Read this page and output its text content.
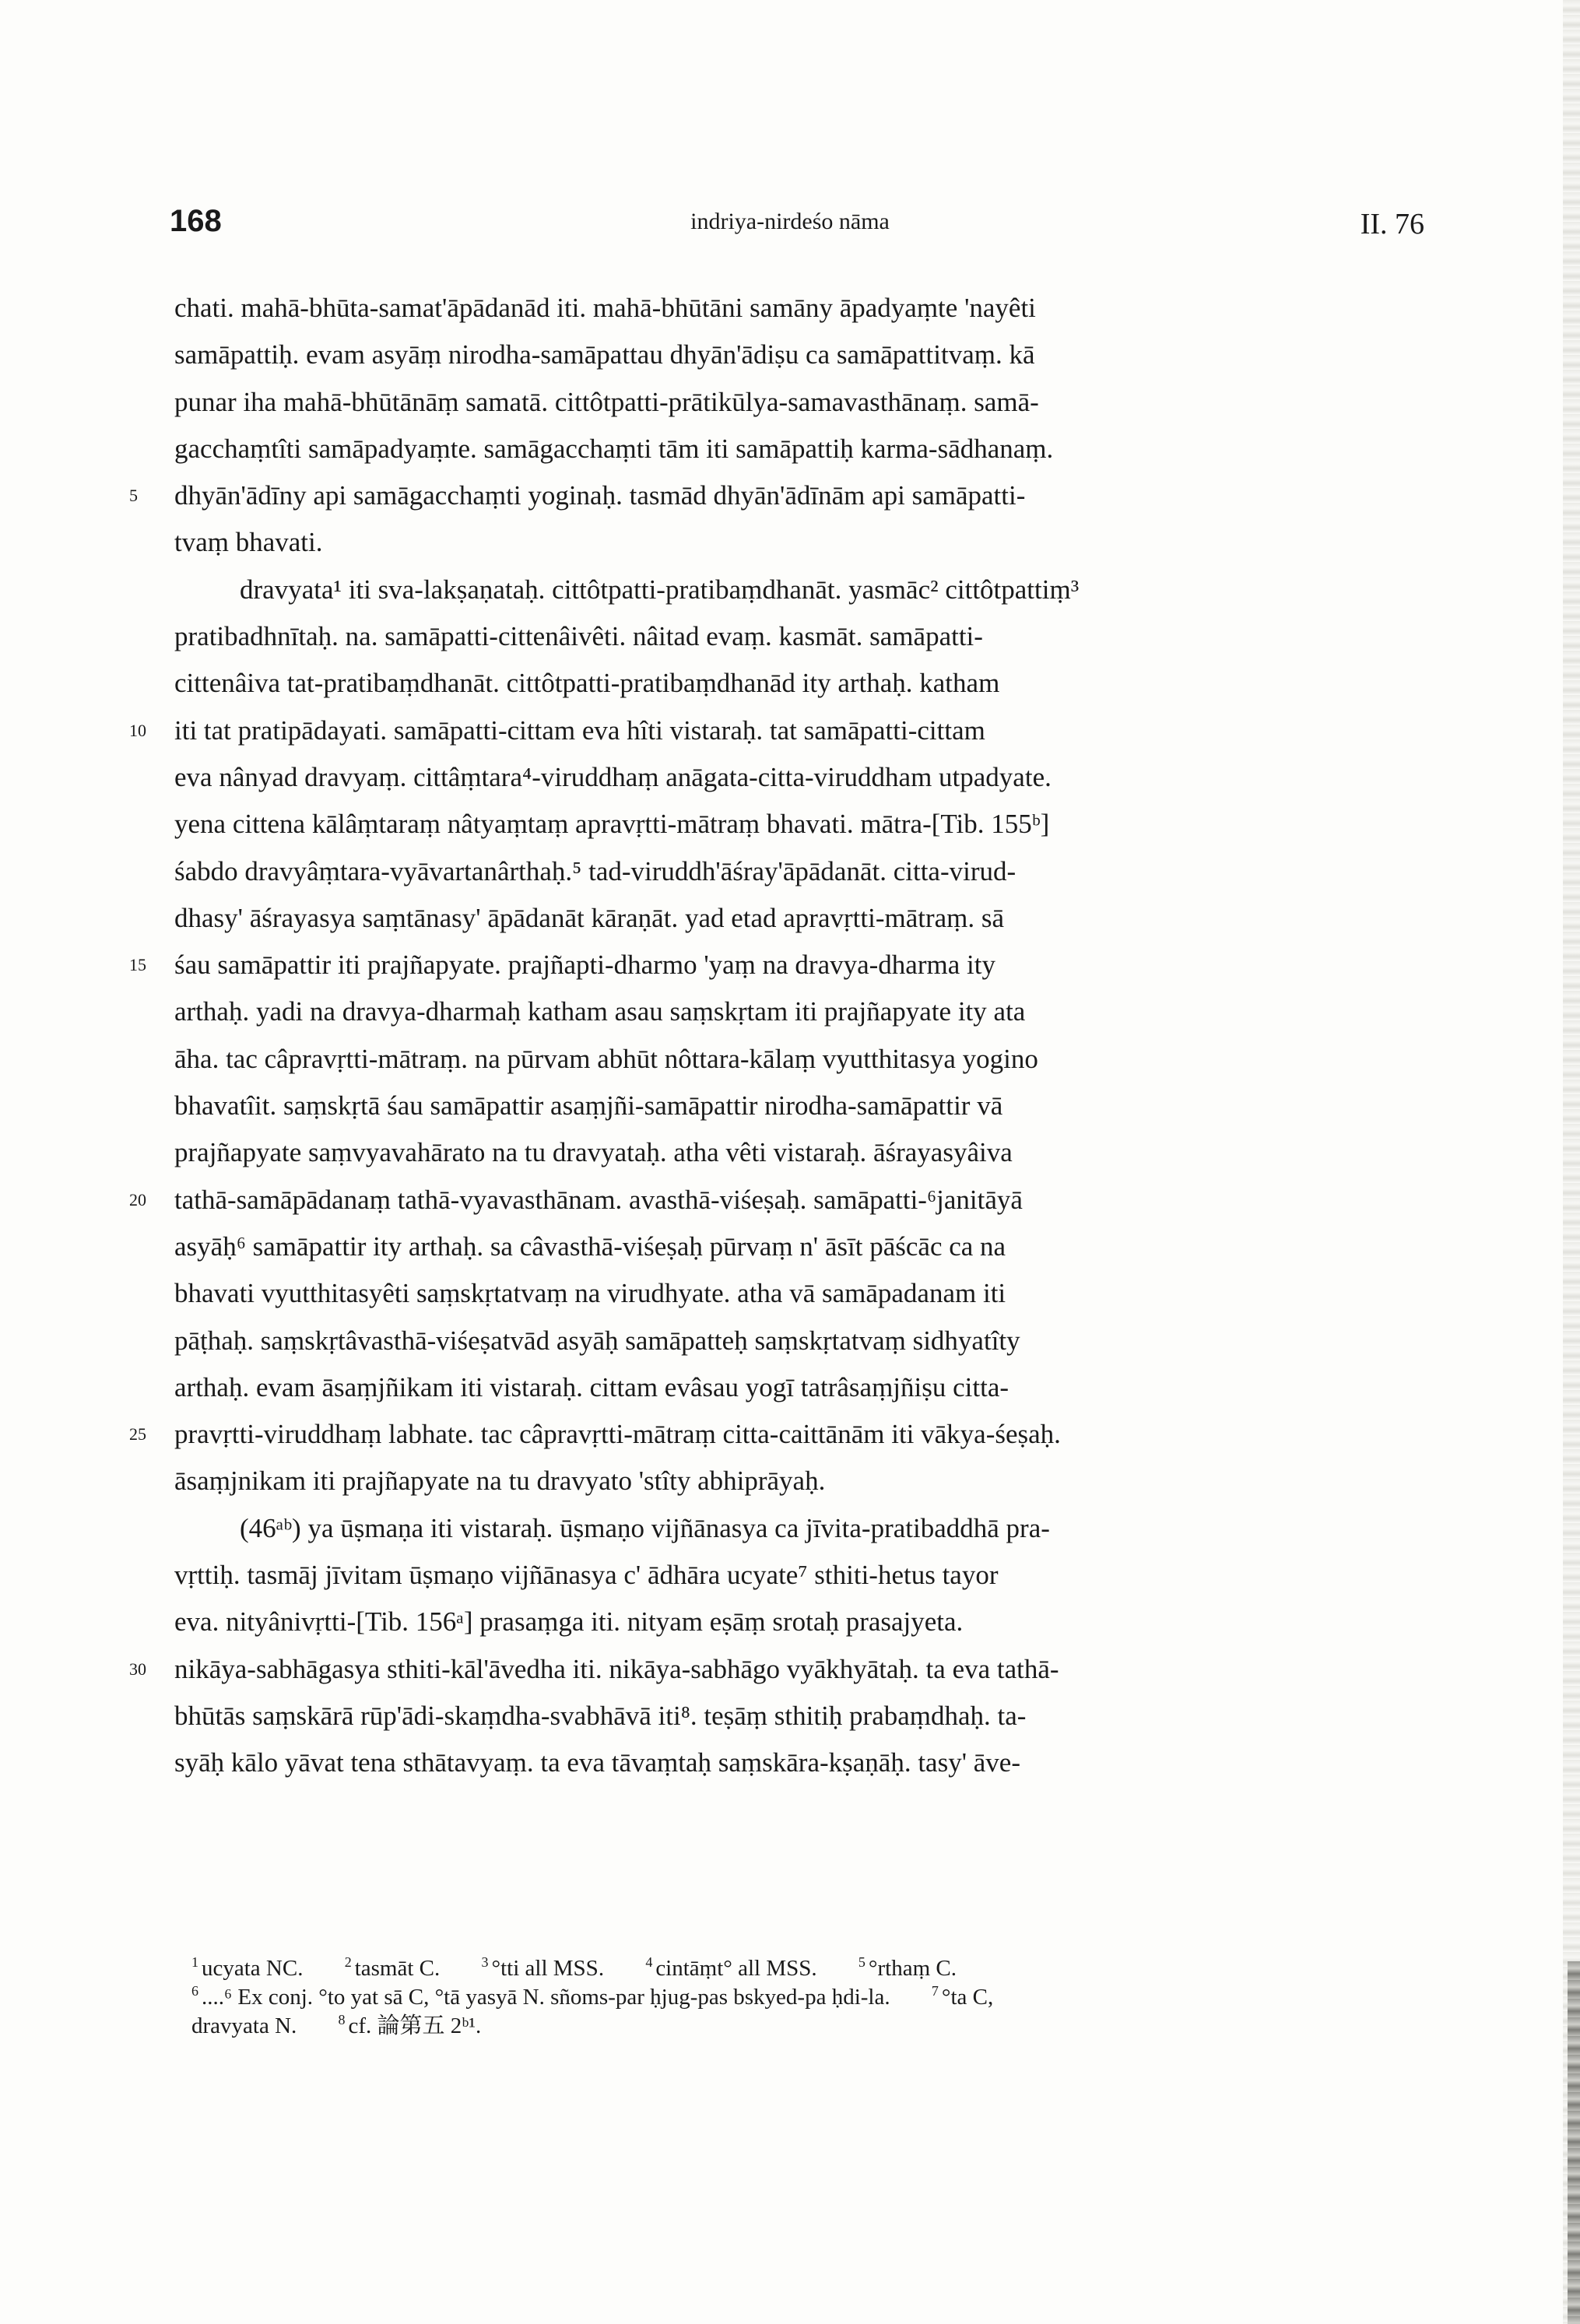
168	indriya-nirdeśo nāma	II. 76
chati. mahā-bhūta-samat'āpādanād iti. mahā-bhūtāni samāny āpadyaṃte 'nayêti
samāpattiḥ. evam asyāṃ nirodha-samāpattau dhyān'ādiṣu ca samāpattitvaṃ. kā
punar iha mahā-bhūtānāṃ samatā. cittôtpatti-prātikūlya-samavasthānaṃ. samā-
gacchaṃtîti samāpadyaṃte. samāgacchaṃti tām iti samāpattiḥ karma-sādhanaṃ.
5	dhyān'ādīny api samāgacchaṃti yoginaḥ. tasmād dhyān'ādīnām api samāpatti-
tvaṃ bhavati.
dravyata¹ iti sva-lakṣaṇataḥ. cittôtpatti-pratibaṃdhanāt. yasmāc² cittôtpattiṃ³
pratibadhnītaḥ. na. samāpatti-cittenâivêti. nâitad evaṃ. kasmāt. samāpatti-
cittenâiva tat-pratibaṃdhanāt. cittôtpatti-pratibaṃdhanād ity arthaḥ. katham
10	iti tat pratipādayati. samāpatti-cittam eva hîti vistaraḥ. tat samāpatti-cittam
eva nânyad dravyaṃ. cittâṃtara⁴-viruddhaṃ anāgata-citta-viruddham utpadyate.
yena cittena kālâṃtaraṃ nâtyaṃtaṃ apravṛtti-mātraṃ bhavati. mātra-[Tib. 155ᵇ]
śabdo dravyâṃtara-vyāvartanârthaḥ.⁵ tad-viruddh'āśray'āpādanāt. citta-virud-
dhasy' āśrayasya saṃtānasy' āpādanāt kāraṇāt. yad etad apravṛtti-mātraṃ. sā
15	śau samāpattir iti prajñapyate. prajñapti-dharmo 'yaṃ na dravya-dharma ity
arthaḥ. yadi na dravya-dharmaḥ katham asau saṃskṛtam iti prajñapyate ity ata
āha. tac câpravṛtti-mātraṃ. na pūrvam abhūt nôttara-kālaṃ vyutthitasya yogino
bhavatîit. saṃskṛtā śau samāpattir asaṃjñi-samāpattir nirodha-samāpattir vā
prajñapyate saṃvyavahārato na tu dravyataḥ. atha vêti vistaraḥ. āśrayasyâiva
20	tathā-samāpādanaṃ tathā-vyavasthānam. avasthā-viśeṣaḥ. samāpatti-⁶janitāyā
asyāḥ⁶ samāpattir ity arthaḥ. sa câvasthā-viśeṣaḥ pūrvaṃ n' āsīt pāścāc ca na
bhavati vyutthitasyêti saṃskṛtatvaṃ na virudhyate. atha vā samāpadanam iti
pāṭhaḥ. saṃskṛtâvasthā-viśeṣatvād asyāḥ samāpatteḥ saṃskṛtatvaṃ sidhyatîty
arthaḥ. evam āsaṃjñikam iti vistaraḥ. cittam evâsau yogī tatrâsaṃjñiṣu citta-
25	pravṛtti-viruddhaṃ labhate. tac câpravṛtti-mātraṃ citta-caittānām iti vākya-śeṣaḥ.
āsaṃjnikam iti prajñapyate na tu dravyato 'stîty abhiprāyaḥ.
(46ᵃᵇ) ya ūṣmaṇa iti vistaraḥ. ūṣmaṇo vijñānasya ca jīvita-pratibaddhā pra-
vṛttiḥ. tasmāj jīvitam ūṣmaṇo vijñānasya c' ādhāra ucyate⁷ sthiti-hetus tayor
eva. nityânivṛtti-[Tib. 156ᵃ] prasaṃga iti. nityam eṣāṃ srotaḥ prasajyeta.
30	nikāya-sabhāgasya sthiti-kāl'āvedha iti. nikāya-sabhāgo vyākhyātaḥ. ta eva tathā-
bhūtās saṃskārā rūp'ādi-skaṃdha-svabhāvā iti⁸. teṣāṃ sthitiḥ prabaṃdhaḥ. ta-
syāḥ kālo yāvat tena sthātavyaṃ. ta eva tāvaṃtaḥ saṃskāra-kṣaṇāḥ. tasy' āve-
$^1$ ucyata NC.	$^2$ tasmāt C.	$^3$ °tti all MSS.	$^4$ cintāṃt° all MSS.	$^5$ °rthaṃ C.
$^6$ ....⁶ Ex conj. °to yat sā C, °tā yasyā N. sñoms-par ḥjug-pas bskyed-pa ḥdi-la.	$^7$ °ta C,
dravyata N.	$^8$ cf. 論第五 2ᵇ¹.
